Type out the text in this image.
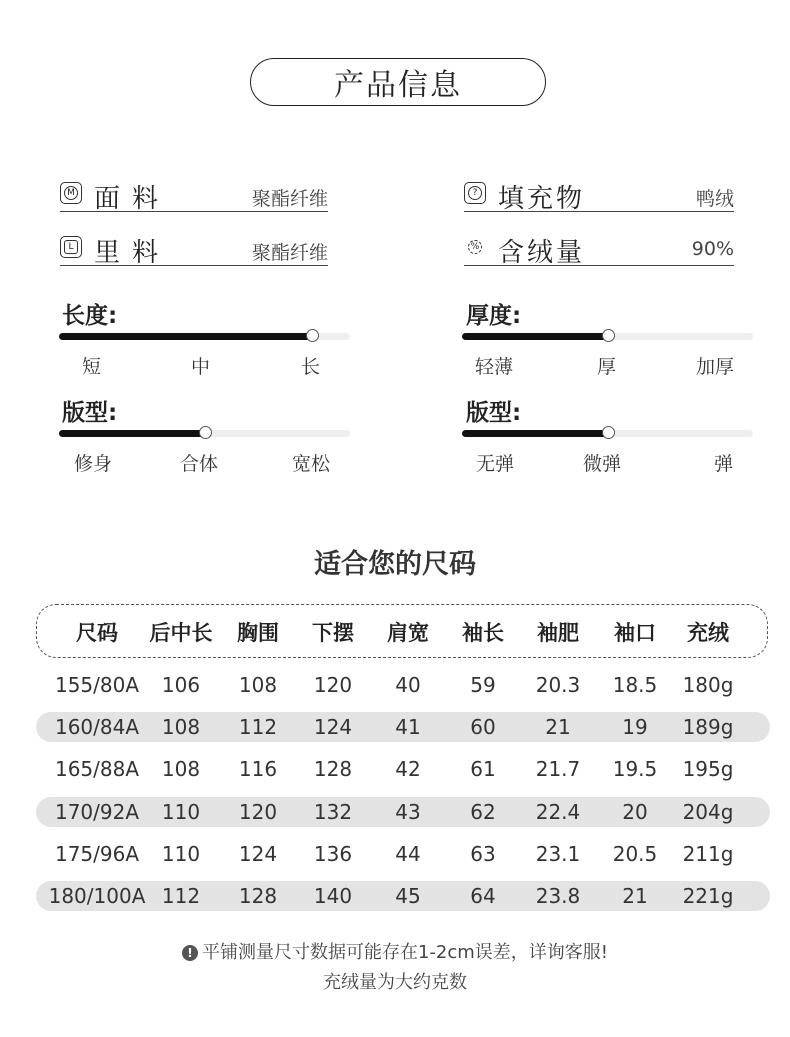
产品信息
M 面料	聚酯纤维
L 里料	聚酯纤维
? 填充物	鸭绒
% 含绒量	90%
长度:
短	中	长
厚度:
轻薄	厚	加厚
版型:
修身	合体	宽松
版型:
无弹	微弹	弹
适合您的尺码
尺码 后中长 胸围 下摆 肩宽 袖长 袖肥 袖口 充绒
155/80A 106 108 120 40 59 20.3 18.5 180g
160/84A 108 112 124 41 60 21	19 189g
165/88A 108 116 128 42 61 21.7 19.5 195g
170/92A 110 120 132 43 62 22.4 20 204g
175/96A 110 124 136 44 63 23.1 20.5 211g
180/100A 112 128 140 45 64 23.8 21 221g
! 平铺测量尺寸数据可能存在1-2cm误差，详询客服!
充绒量为大约克数
